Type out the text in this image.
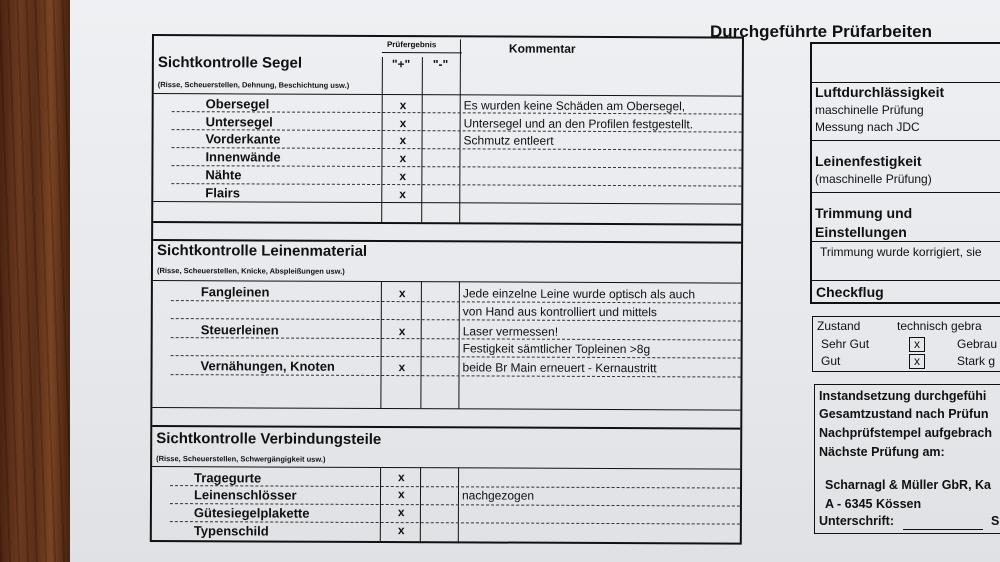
Durchgeführte Prüfarbeiten
Prüfergebnis	Kommentar
"+" "-"
Sichtkontrolle Segel
(Risse, Scheuerstellen, Dehnung, Beschichtung usw.)
Obersegel	x	Es wurden keine Schäden am Obersegel,
Untersegel	x	Untersegel und an den Profilen festgestellt.
Vorderkante	x	Schmutz entleert
Innenwände	x
Nähte	x
Flairs	x
Sichtkontrolle Leinenmaterial
(Risse, Scheuerstellen, Knicke, Abspleißungen usw.)
Fangleinen	x	Jede einzelne Leine wurde optisch als auch
von Hand aus kontrolliert und mittels
Steuerleinen	x	Laser vermessen!
Festigkeit sämtlicher Topleinen >8g
Vernähungen, Knoten	x	beide Br Main erneuert - Kernaustritt
Sichtkontrolle Verbindungsteile
(Risse, Scheuerstellen, Schwergängigkeit usw.)
Tragegurte	x
Leinenschlösser	x	nachgezogen
Gütesiegelplakette	x
Typenschild	x
Luftdurchlässigkeit
maschinelle Prüfung
Messung nach JDC
Leinenfestigkeit
(maschinelle Prüfung)
Trimmung und
Einstellungen
Trimmung wurde korrigiert, sie
Checkflug
Zustand	technisch gebra
Sehr Gut	x	Gebrau
Gut	x	Stark g
Instandsetzung durchgefühi
Gesamtzustand nach Prüfun
Nachprüfstempel aufgebrach
Nächste Prüfung am:
Scharnagl & Müller GbR, Ka
A - 6345 Kössen
Unterschrift:	S
